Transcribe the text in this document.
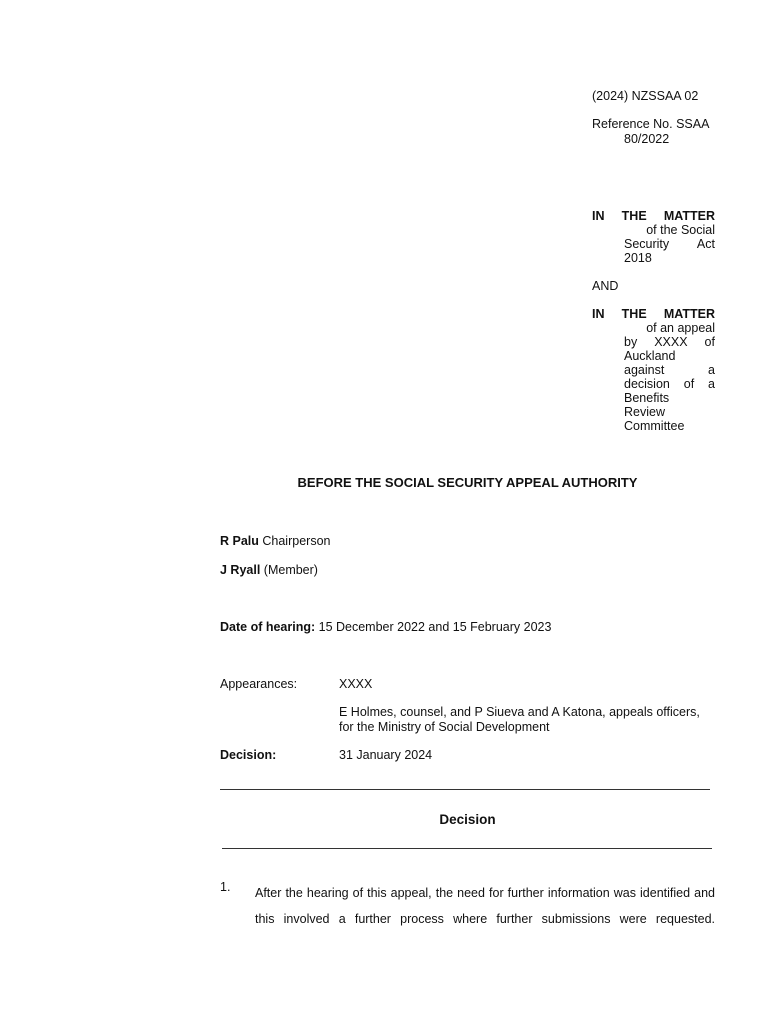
(2024) NZSSAA 02
Reference No. SSAA
80/2022
IN THE MATTER
of the Social
Security Act
2018
AND
IN THE MATTER
of an appeal
by XXXX of
Auckland
against a
decision of a
Benefits
Review
Committee
BEFORE THE SOCIAL SECURITY APPEAL AUTHORITY
R Palu Chairperson
J Ryall (Member)
Date of hearing: 15 December 2022 and 15 February 2023
Appearances:	XXXX
E Holmes, counsel, and P Siueva and A Katona, appeals officers,
for the Ministry of Social Development
Decision:	31 January 2024
Decision
1. After the hearing of this appeal, the need for further information was identified and
this involved a further process where further submissions were requested.
